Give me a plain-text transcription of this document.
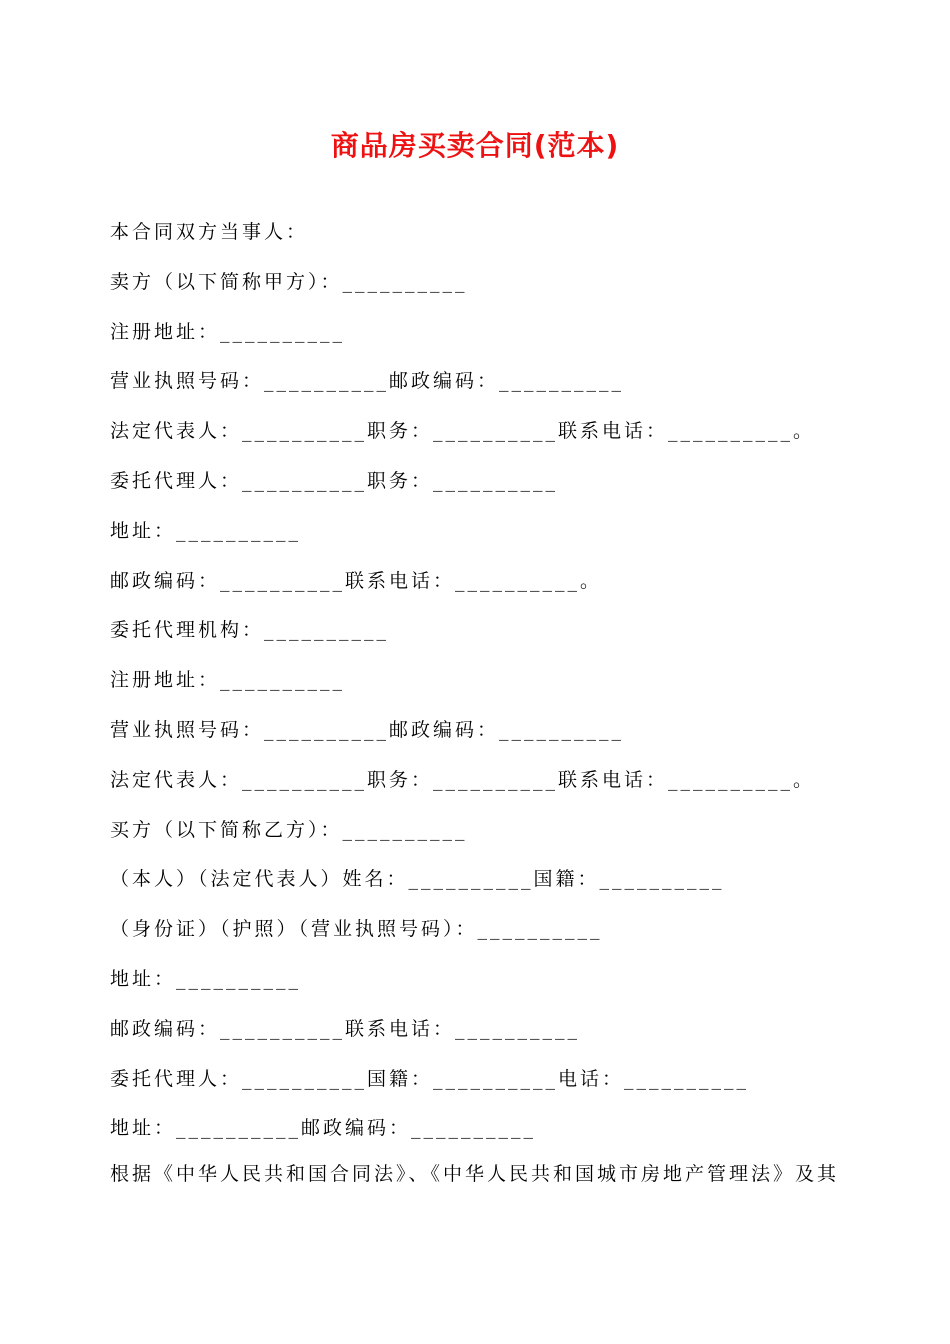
商品房买卖合同(范本)
本合同双方当事人：
卖方（以下简称甲方）：__________
注册地址：__________
营业执照号码：__________邮政编码：__________
法定代表人：__________职务：__________联系电话：__________。
委托代理人：__________职务：__________
地址：__________
邮政编码：__________联系电话：__________。
委托代理机构：__________
注册地址：__________
营业执照号码：__________邮政编码：__________
法定代表人：__________职务：__________联系电话：__________。
买方（以下简称乙方）：__________
（本人）（法定代表人）姓名：__________国籍：__________
（身份证）（护照）（营业执照号码）：__________
地址：__________
邮政编码：__________联系电话：__________
委托代理人：__________国籍：__________电话：__________
地址：__________邮政编码：__________
根据《中华人民共和国合同法》、《中华人民共和国城市房地产管理法》及其
